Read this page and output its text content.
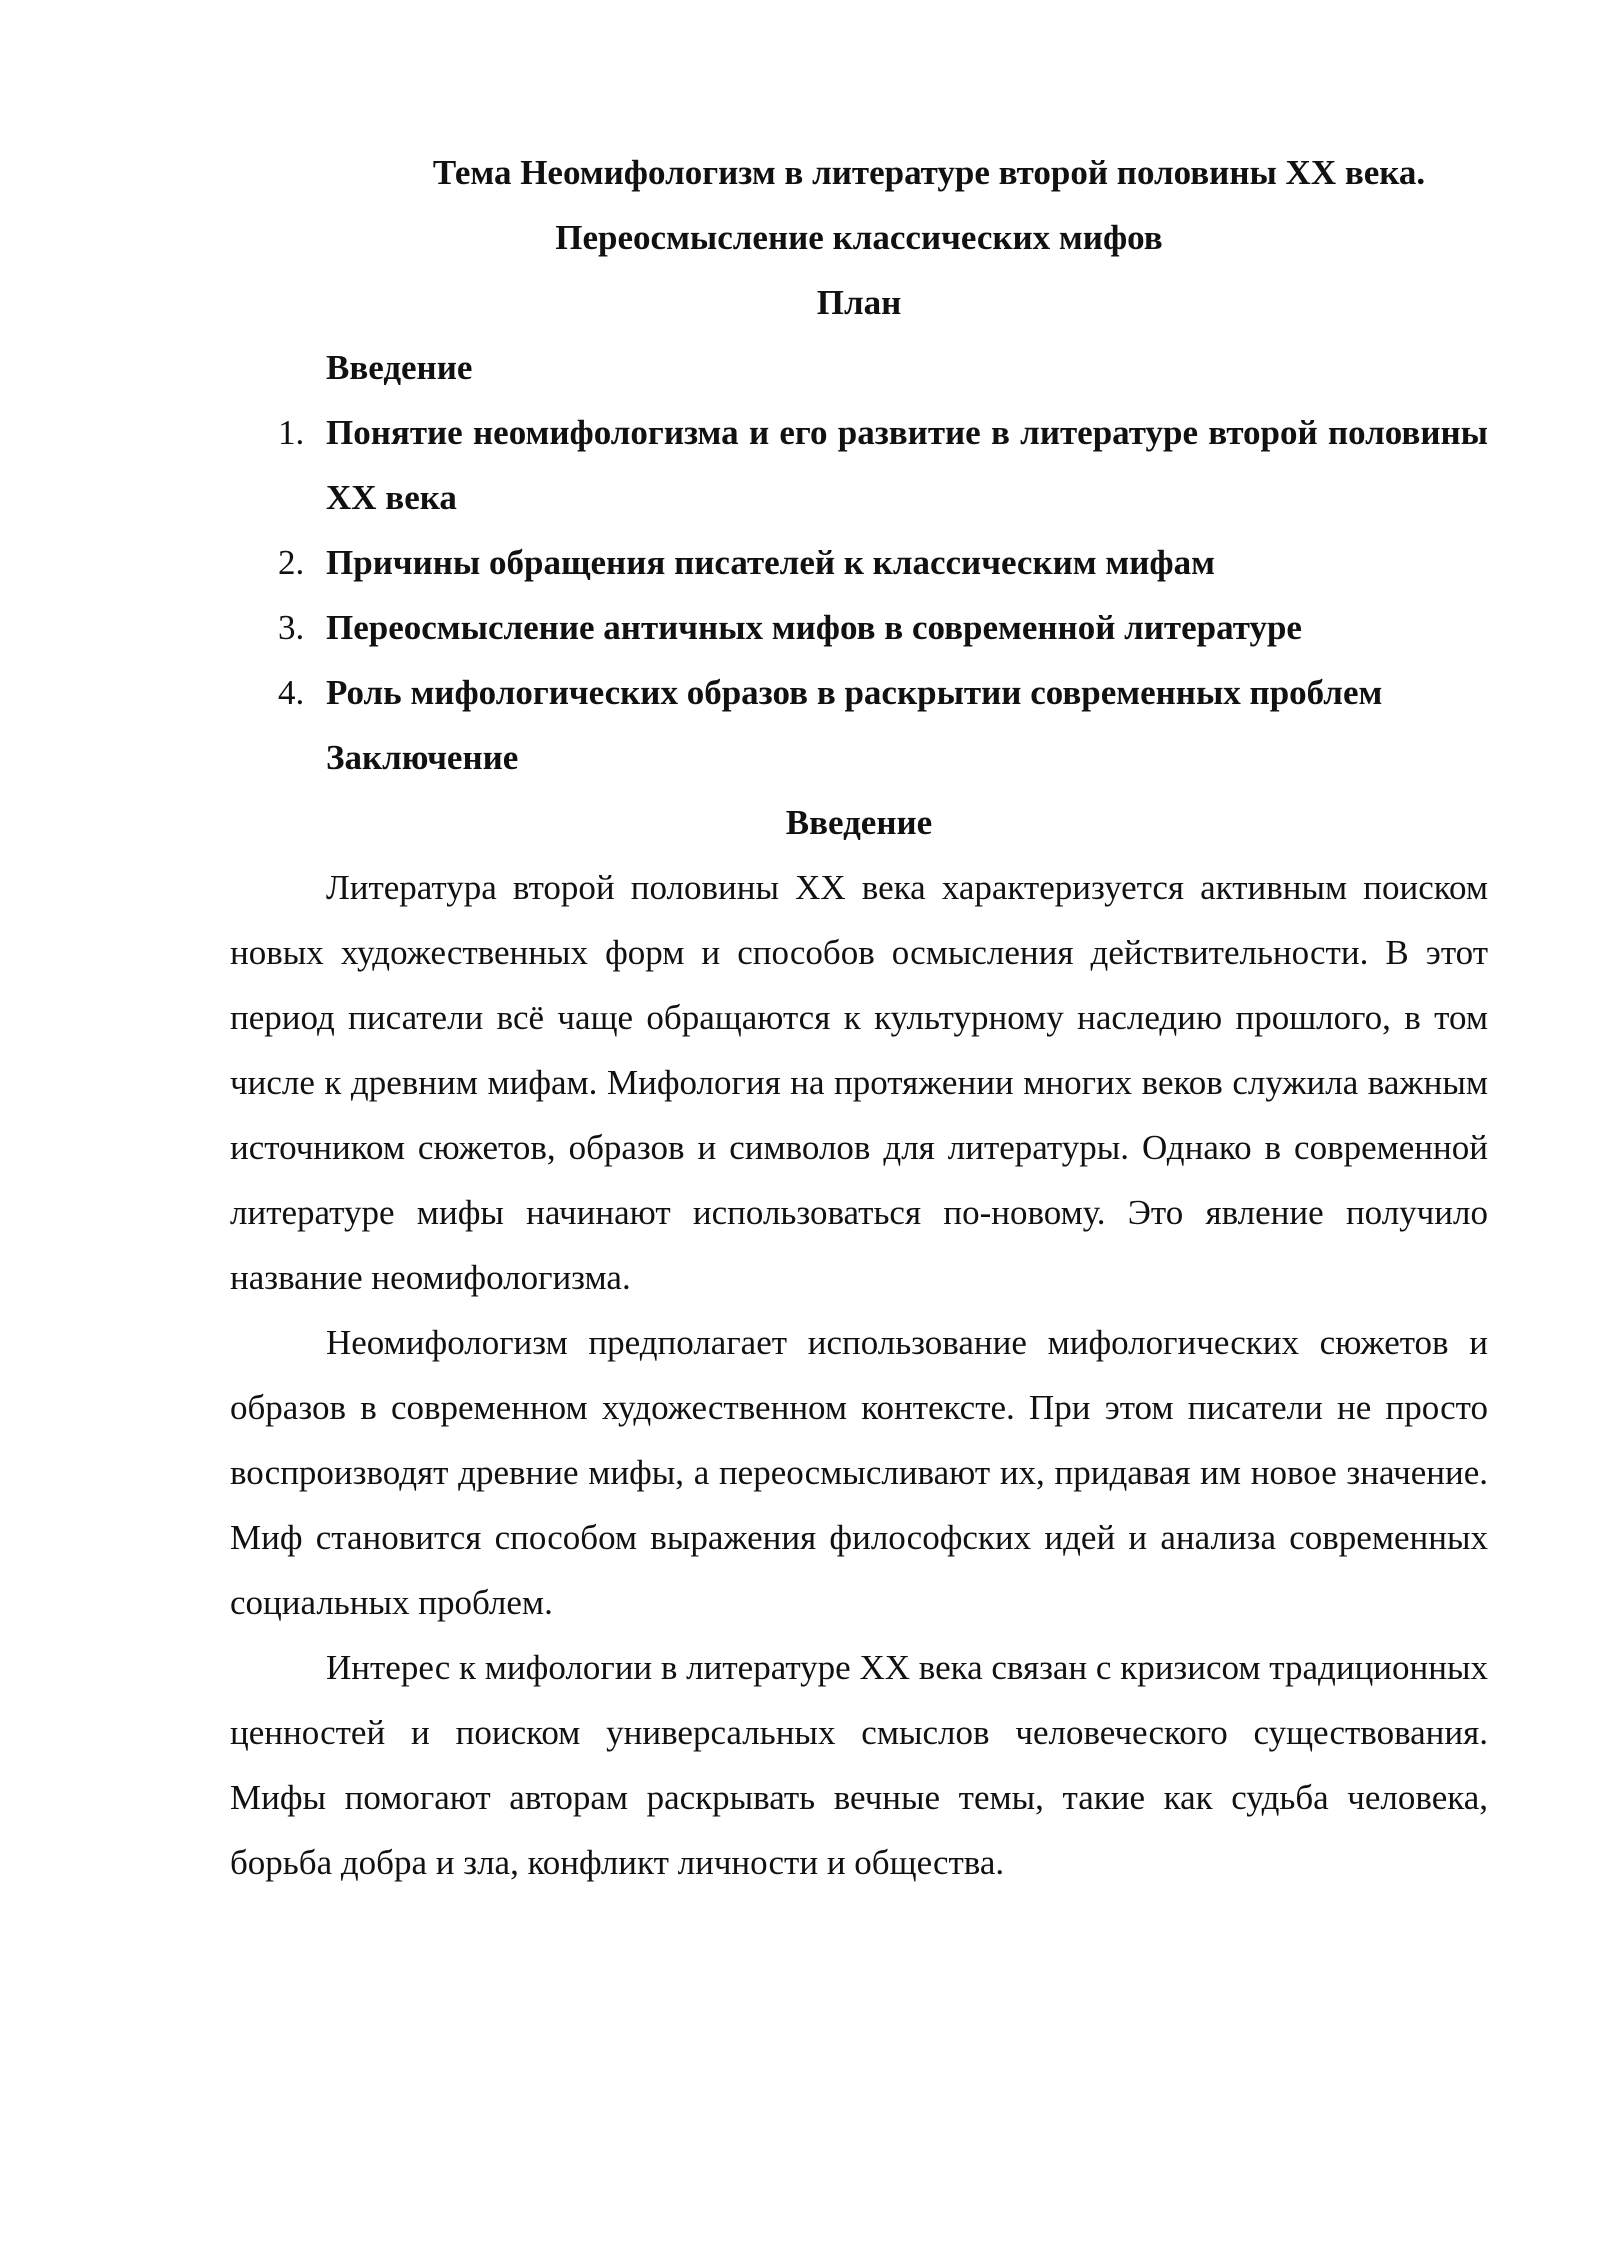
Тема Неомифологизм в литературе второй половины XX века.
Переосмысление классических мифов
План
Введение
1. Понятие неомифологизма и его развитие в литературе второй половины XX века
2. Причины обращения писателей к классическим мифам
3. Переосмысление античных мифов в современной литературе
4. Роль мифологических образов в раскрытии современных проблем
Заключение
Введение

Литература второй половины XX века характеризуется активным поиском новых художественных форм и способов осмысления действительности. В этот период писатели всё чаще обращаются к культурному наследию прошлого, в том числе к древним мифам. Мифология на протяжении многих веков служила важным источником сюжетов, образов и символов для литературы. Однако в современной литературе мифы начинают использоваться по-новому. Это явление получило название неомифологизма.

Неомифологизм предполагает использование мифологических сюжетов и образов в современном художественном контексте. При этом писатели не просто воспроизводят древние мифы, а переосмысливают их, придавая им новое значение. Миф становится способом выражения философских идей и анализа современных социальных проблем.

Интерес к мифологии в литературе XX века связан с кризисом традиционных ценностей и поиском универсальных смыслов человеческого существования. Мифы помогают авторам раскрывать вечные темы, такие как судьба человека, борьба добра и зла, конфликт личности и общества.
